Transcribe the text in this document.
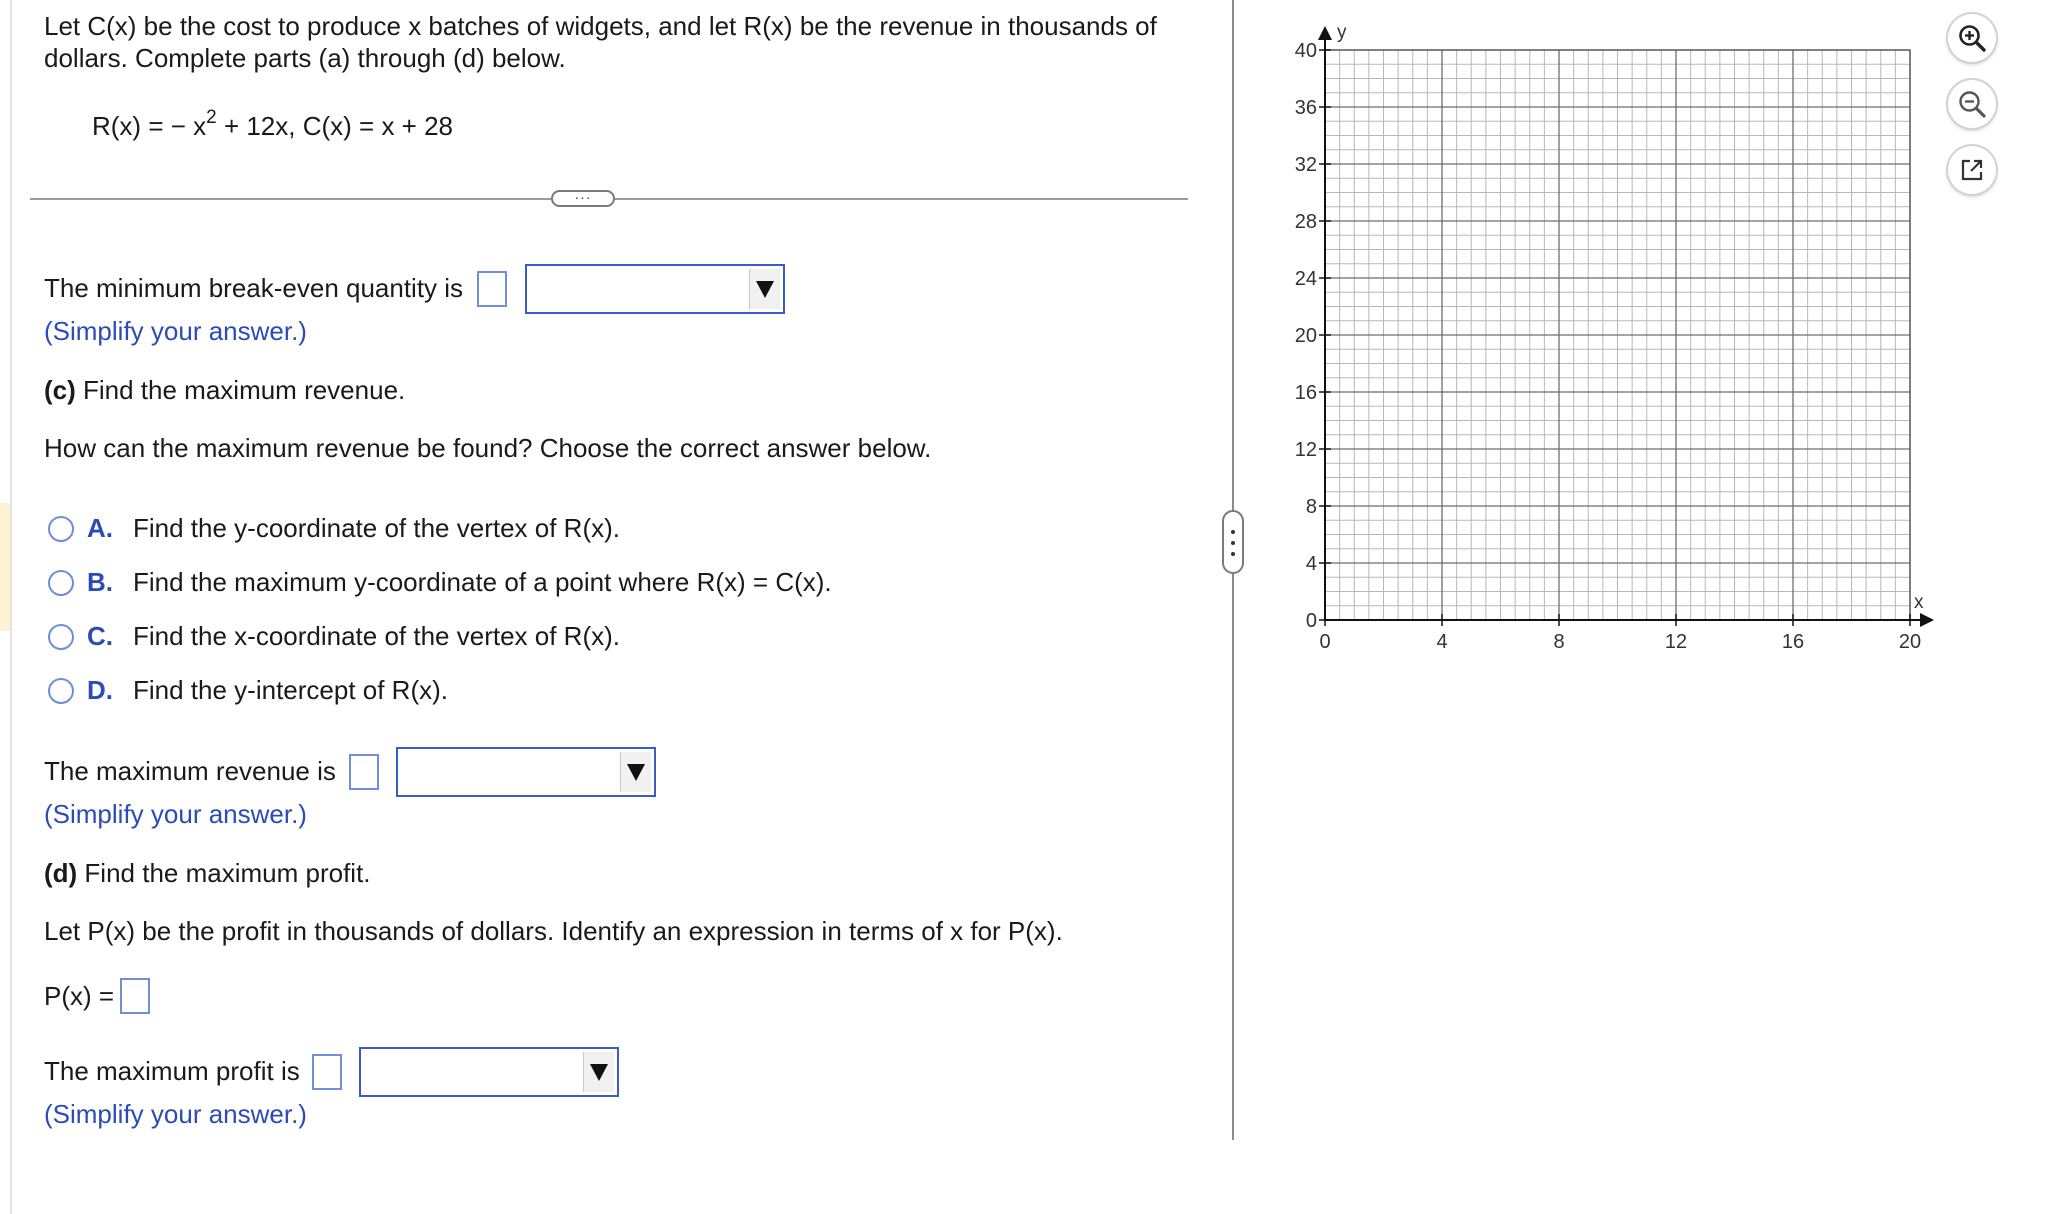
Let C(x) be the cost to produce x batches of widgets, and let R(x) be the revenue in thousands of
dollars. Complete parts (a) through (d) below.
R(x) = − $x^2 + 12x$, C(x) = x + 28
···
The minimum break-even quantity is
(Simplify your answer.)
(c) Find the maximum revenue.
How can the maximum revenue be found? Choose the correct answer below.
A. Find the y-coordinate of the vertex of R(x).
B. Find the maximum y-coordinate of a point where R(x) = C(x).
C. Find the x-coordinate of the vertex of R(x).
D. Find the y-intercept of R(x).
The maximum revenue is
(Simplify your answer.)
(d) Find the maximum profit.
Let P(x) be the profit in thousands of dollars. Identify an expression in terms of x for P(x).
P(x) =
The maximum profit is
(Simplify your answer.)
0	4	8	12	16	20
0
4
8
12
16
20
24
28
32
36
40
y
x
